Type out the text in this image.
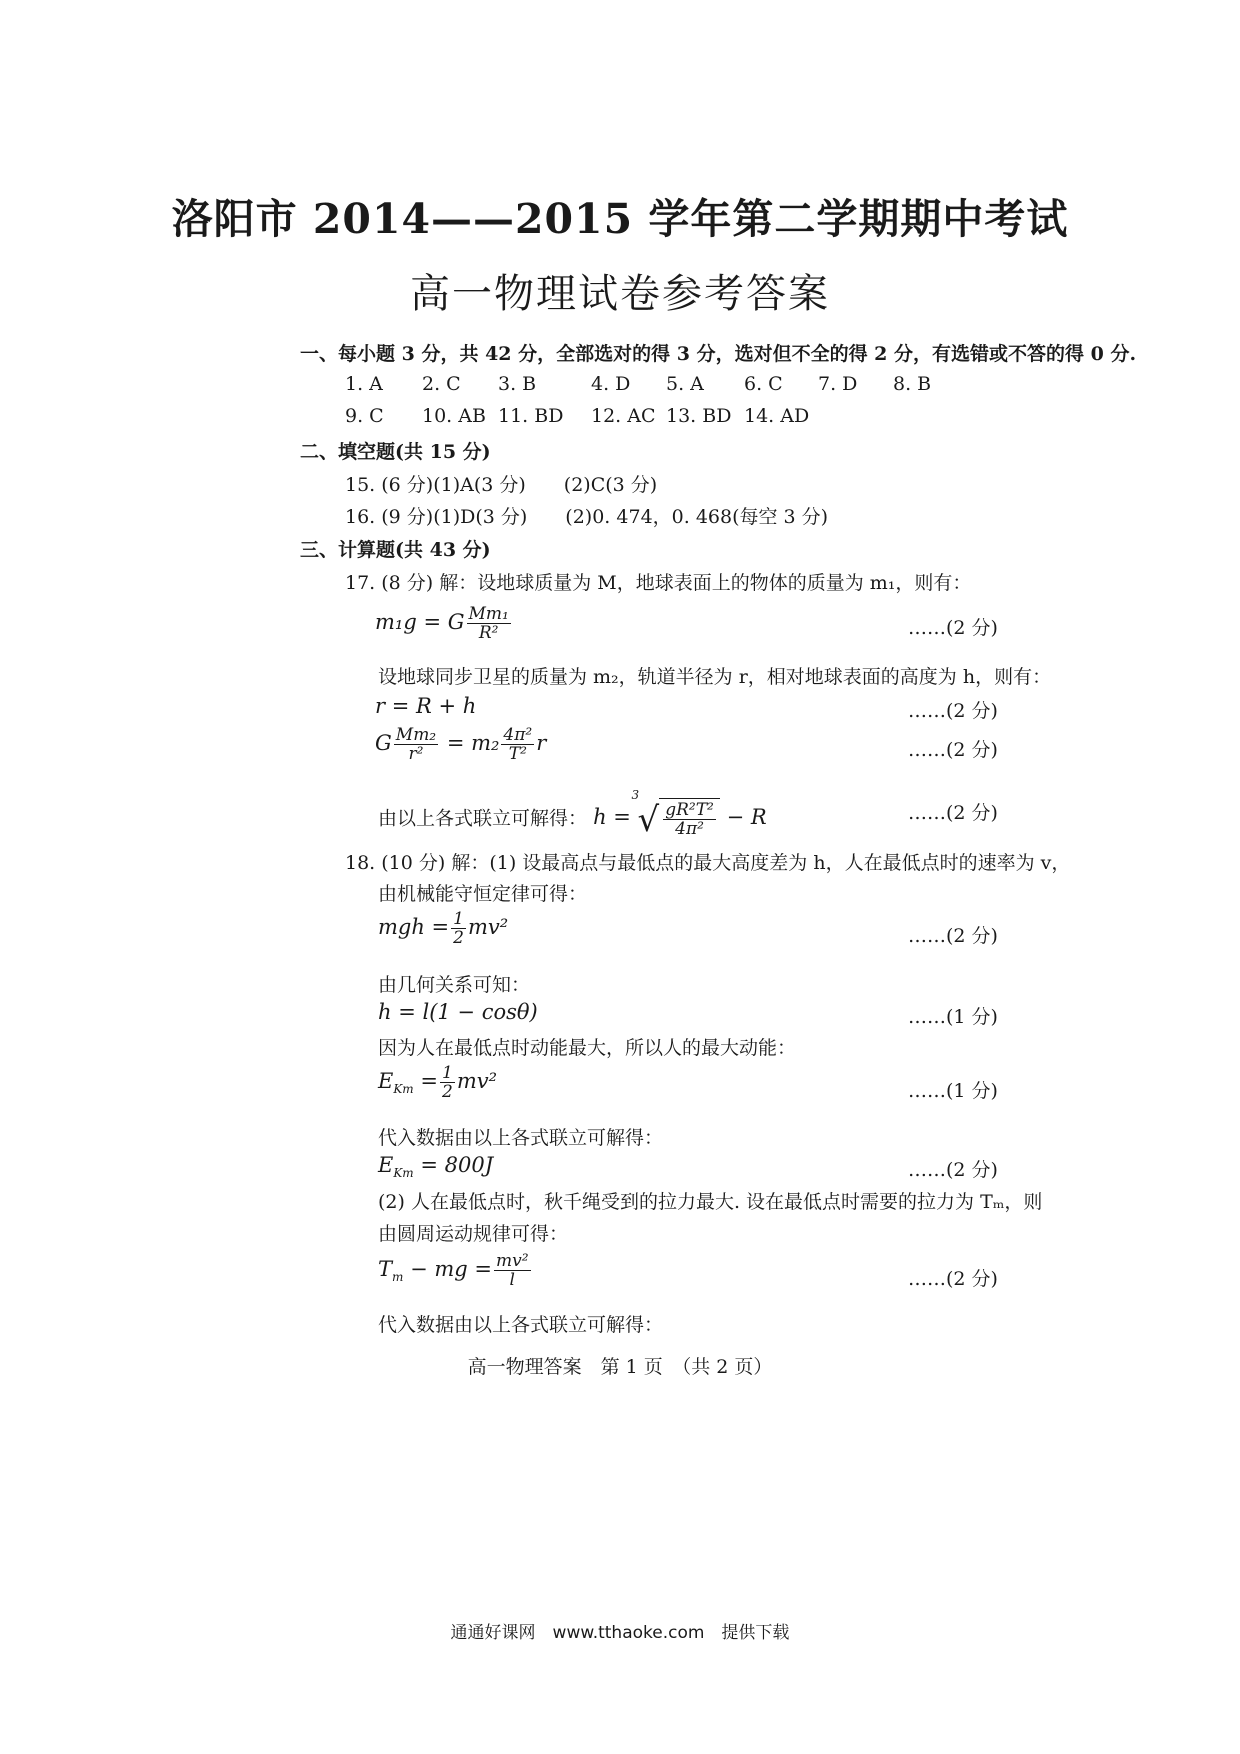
洛阳市 2014——2015 学年第二学期期中考试
高一物理试卷参考答案
一、每小题 3 分，共 42 分，全部选对的得 3 分，选对但不全的得 2 分，有选错或不答的得 0 分.
1. A 2. C 3. B	4. D 5. A 6. C 7. D 8. B
9. C 10. AB 11. BD 12. AC 13. BD 14. AD
二、填空题(共 15 分)
15. (6 分)(1)A(3 分)　　(2)C(3 分)
16. (9 分)(1)D(3 分)　　(2)0. 474，0. 468(每空 3 分)
三、计算题(共 43 分)
17. (8 分) 解：设地球质量为 M，地球表面上的物体的质量为 m₁，则有：
m₁g = G $\frac{\text{Mm₁}}{\text{R²}}$	……(2 分)
设地球同步卫星的质量为 m₂，轨道半径为 r，相对地球表面的高度为 h，则有：
r = R + h	……(2 分)
G $\frac{\text{Mm₂}}{\text{r²}} = m_2 \frac{\text{4π²}}{\text{T²}}$ r	……(2 分)
由以上各式联立可解得： h =
3
√ $\frac{\text{gR²T²}}{\text{4π²}} - R$	……(2 分)
18. (10 分) 解：(1) 设最高点与最低点的最大高度差为 h，人在最低点时的速率为 v，
由机械能守恒定律可得：
mgh = $\frac{1}{2} mv^2$	……(2 分)
由几何关系可知：
h = l(1 − cosθ)	……(1 分)
因为人在最低点时动能最大，所以人的最大动能：
$E_{Km} = \frac{1}{2} mv^2$	……(1 分)
代入数据由以上各式联立可解得：
$E_{Km} = 800J$	……(2 分)
(2) 人在最低点时，秋千绳受到的拉力最大. 设在最低点时需要的拉力为 Tₘ，则
由圆周运动规律可得：
$T_m$ − mg = $\frac{\text{mv²}}{l}$	……(2 分)
代入数据由以上各式联立可解得：
高一物理答案　第 1 页　（共 2 页）
通通好课网　www.tthaoke.com　提供下载
